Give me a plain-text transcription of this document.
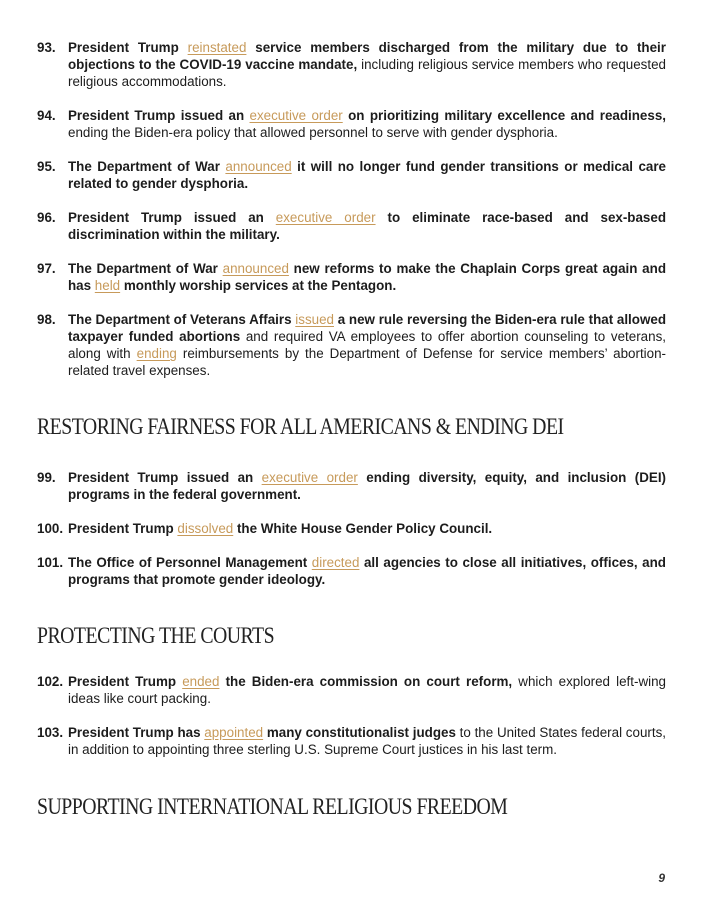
93. President Trump reinstated service members discharged from the military due to their objections to the COVID-19 vaccine mandate, including religious service members who requested religious accommodations.
94. President Trump issued an executive order on prioritizing military excellence and readiness, ending the Biden-era policy that allowed personnel to serve with gender dysphoria.
95. The Department of War announced it will no longer fund gender transitions or medical care related to gender dysphoria.
96. President Trump issued an executive order to eliminate race-based and sex-based discrimination within the military.
97. The Department of War announced new reforms to make the Chaplain Corps great again and has held monthly worship services at the Pentagon.
98. The Department of Veterans Affairs issued a new rule reversing the Biden-era rule that allowed taxpayer funded abortions and required VA employees to offer abortion counseling to veterans, along with ending reimbursements by the Department of Defense for service members’ abortion-related travel expenses.
RESTORING FAIRNESS FOR ALL AMERICANS & ENDING DEI
99. President Trump issued an executive order ending diversity, equity, and inclusion (DEI) programs in the federal government.
100. President Trump dissolved the White House Gender Policy Council.
101. The Office of Personnel Management directed all agencies to close all initiatives, offices, and programs that promote gender ideology.
PROTECTING THE COURTS
102. President Trump ended the Biden-era commission on court reform, which explored left-wing ideas like court packing.
103. President Trump has appointed many constitutionalist judges to the United States federal courts, in addition to appointing three sterling U.S. Supreme Court justices in his last term.
SUPPORTING INTERNATIONAL RELIGIOUS FREEDOM
9
